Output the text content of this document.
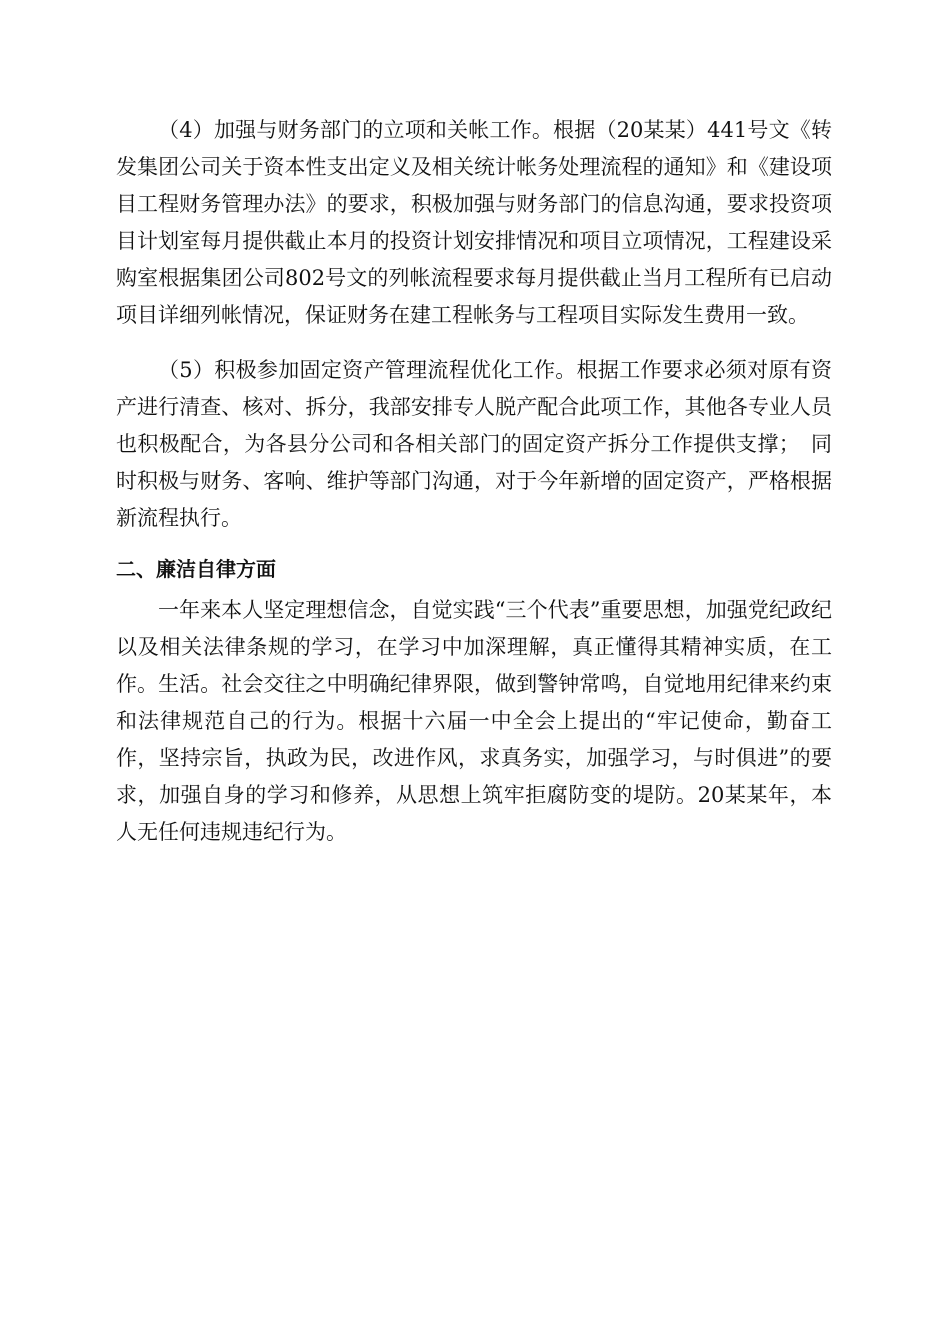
（4）加强与财务部门的立项和关帐工作。根据（20某某）441号文《转发集团公司关于资本性支出定义及相关统计帐务处理流程的通知》和《建设项目工程财务管理办法》的要求，积极加强与财务部门的信息沟通，要求投资项目计划室每月提供截止本月的投资计划安排情况和项目立项情况，工程建设采购室根据集团公司802号文的列帐流程要求每月提供截止当月工程所有已启动项目详细列帐情况，保证财务在建工程帐务与工程项目实际发生费用一致。

（5）积极参加固定资产管理流程优化工作。根据工作要求必须对原有资产进行清查、核对、拆分，我部安排专人脱产配合此项工作，其他各专业人员也积极配合，为各县分公司和各相关部门的固定资产拆分工作提供支撑；　同时积极与财务、客响、维护等部门沟通，对于今年新增的固定资产，严格根据新流程执行。

二、廉洁自律方面

一年来本人坚定理想信念，自觉实践“三个代表”重要思想，加强党纪政纪以及相关法律条规的学习，在学习中加深理解，真正懂得其精神实质，在工作。生活。社会交往之中明确纪律界限，做到警钟常鸣，自觉地用纪律来约束和法律规范自己的行为。根据十六届一中全会上提出的“牢记使命，勤奋工作，坚持宗旨，执政为民，改进作风，求真务实，加强学习，与时俱进”的要求，加强自身的学习和修养，从思想上筑牢拒腐防变的堤防。20某某年，本人无任何违规违纪行为。
